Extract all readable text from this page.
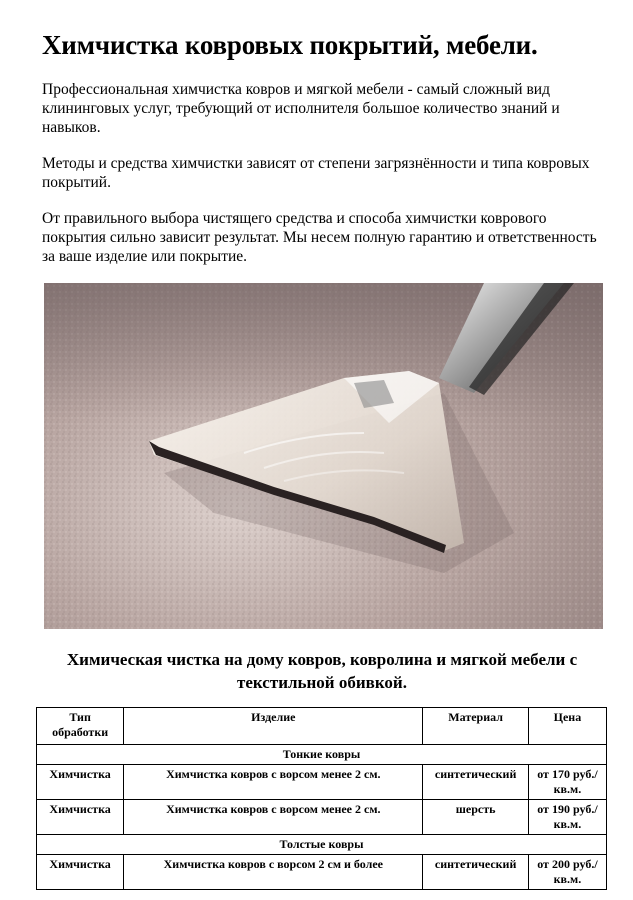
Химчистка ковровых покрытий, мебели.

Профессиональная химчистка ковров и мягкой мебели - самый сложный вид клининговых услуг, требующий от исполнителя большое количество знаний и навыков.

Методы и средства химчистки зависят от степени загрязнённости и типа ковровых покрытий.

От правильного выбора чистящего средства и способа химчистки коврового покрытия сильно зависит результат. Мы несем полную гарантию и ответственность за ваше изделие или покрытие.

Химическая чистка на дому ковров, ковролина и мягкой мебели с текстильной обивкой.
Тип обработки	Изделие	Материал	Цена
Тонкие ковры			
Химчистка	Химчистка ковров с ворсом менее 2 см.	синтетический	от 170 руб./кв.м.
Химчистка	Химчистка ковров с ворсом менее 2 см.	шерсть	от 190 руб./кв.м.
Толстые ковры			
Химчистка	Химчистка ковров с ворсом 2 см и более	синтетический	от 200 руб./кв.м.
